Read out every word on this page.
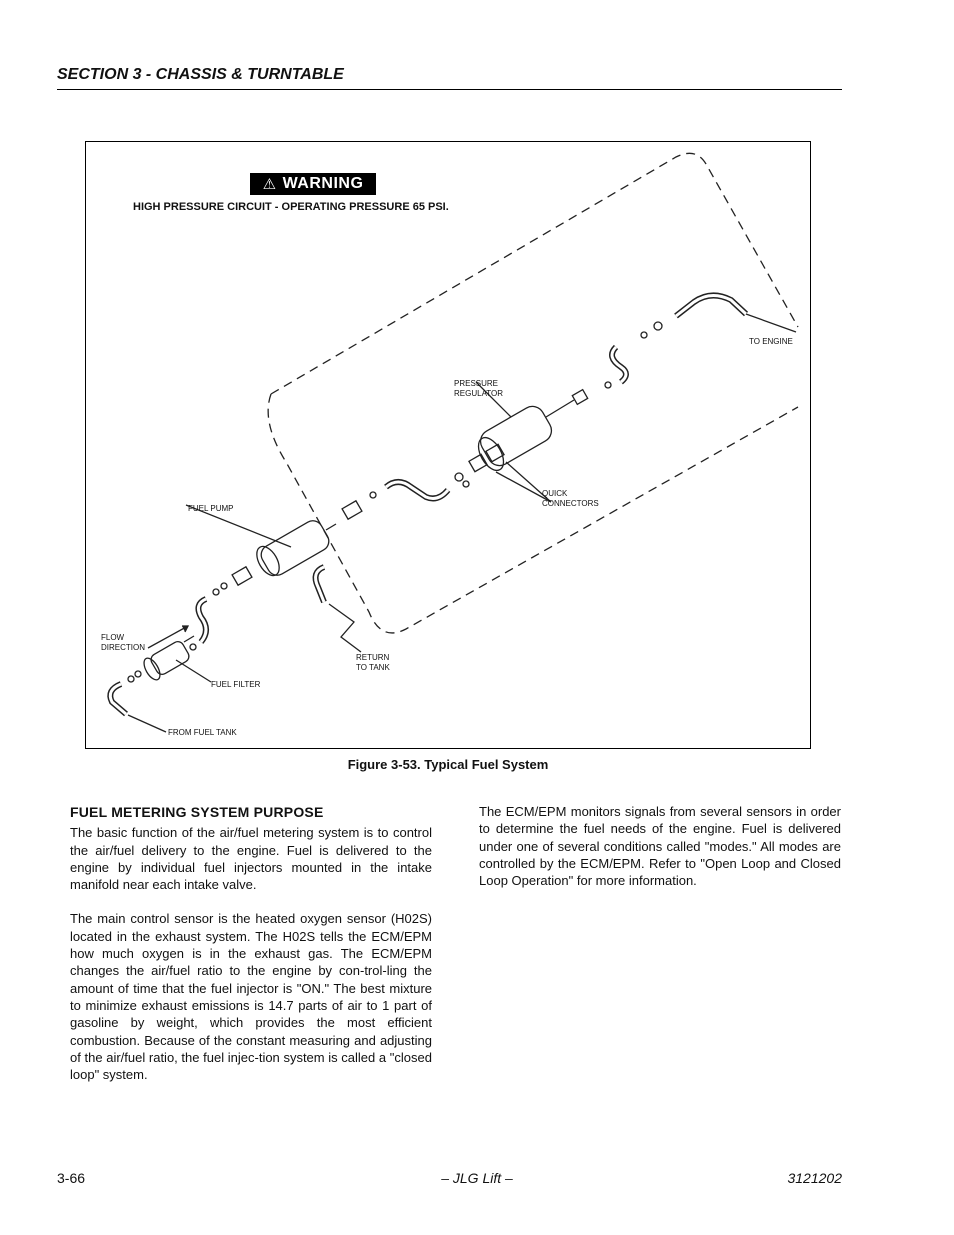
SECTION 3 - CHASSIS & TURNTABLE
⚠ WARNING
HIGH PRESSURE CIRCUIT - OPERATING PRESSURE 65 PSI.
TO ENGINE
PRESSURE
REGULATOR
QUICK
CONNECTORS
FUEL PUMP
FLOW
DIRECTION
FUEL FILTER
RETURN
TO TANK
FROM FUEL TANK
Figure 3-53. Typical Fuel System
FUEL METERING SYSTEM PURPOSE

The basic function of the air/fuel metering system is to control the air/fuel delivery to the engine. Fuel is delivered to the engine by individual fuel injectors mounted in the intake manifold near each intake valve.

The main control sensor is the heated oxygen sensor (H02S) located in the exhaust system. The H02S tells the ECM/EPM how much oxygen is in the exhaust gas. The ECM/EPM changes the air/fuel ratio to the engine by con-trol-ling the amount of time that the fuel injector is "ON." The best mixture to minimize exhaust emissions is 14.7 parts of air to 1 part of gasoline by weight, which provides the most efficient combustion. Because of the constant measuring and adjusting of the air/fuel ratio, the fuel injec-tion system is called a "closed loop" system.

The ECM/EPM monitors signals from several sensors in order to determine the fuel needs of the engine. Fuel is delivered under one of several conditions called "modes." All modes are controlled by the ECM/EPM. Refer to "Open Loop and Closed Loop Operation" for more information.

3-66	– JLG Lift –	3121202
